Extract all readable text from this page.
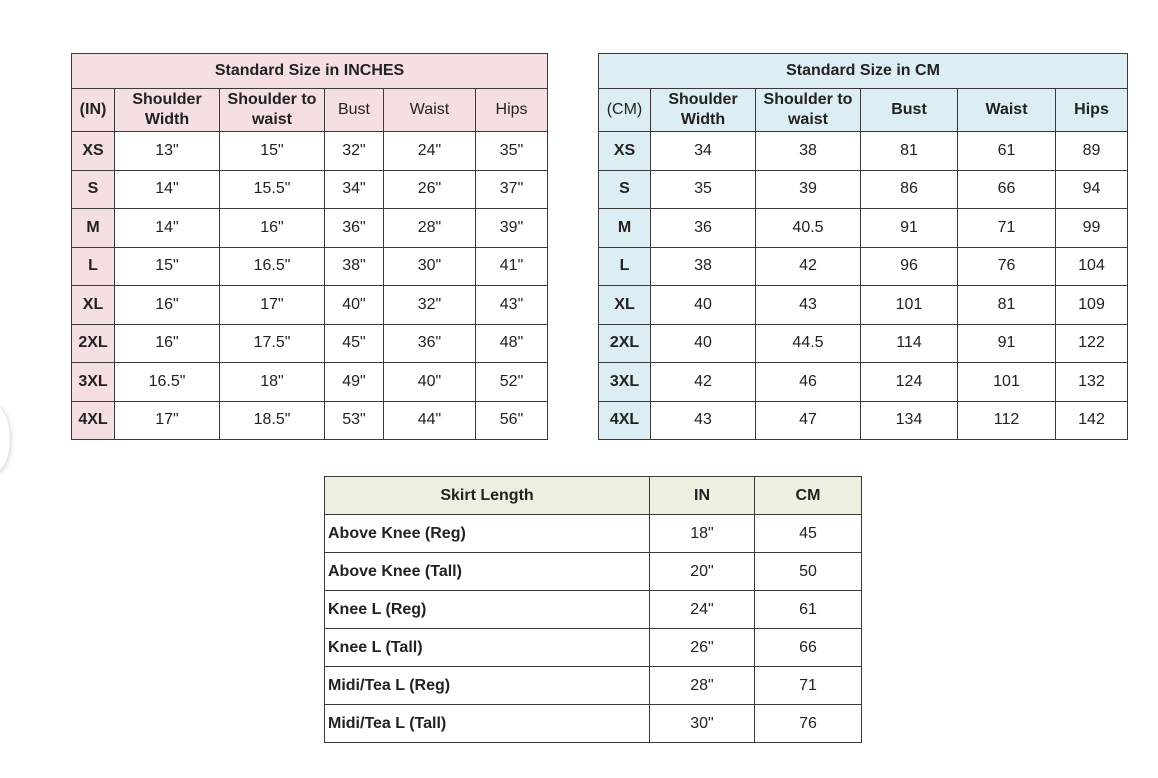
Standard Size in INCHES					
(IN)	Shoulder Width	Shoulder to waist	Bust	Waist	Hips
XS	13"	15"	32"	24"	35"
S	14"	15.5"	34"	26"	37"
M	14"	16"	36"	28"	39"
L	15"	16.5"	38"	30"	41"
XL	16"	17"	40"	32"	43"
2XL	16"	17.5"	45"	36"	48"
3XL	16.5"	18"	49"	40"	52"
4XL	17"	18.5"	53"	44"	56"
Standard Size in CM					
(CM)	Shoulder Width	Shoulder to waist	Bust	Waist	Hips
XS	34	38	81	61	89
S	35	39	86	66	94
M	36	40.5	91	71	99
L	38	42	96	76	104
XL	40	43	101	81	109
2XL	40	44.5	114	91	122
3XL	42	46	124	101	132
4XL	43	47	134	112	142
Skirt Length	IN	CM
Above Knee (Reg)	18"	45
Above Knee (Tall)	20"	50
Knee L (Reg)	24"	61
Knee L (Tall)	26"	66
Midi/Tea L (Reg)	28"	71
Midi/Tea L (Tall)	30"	76
